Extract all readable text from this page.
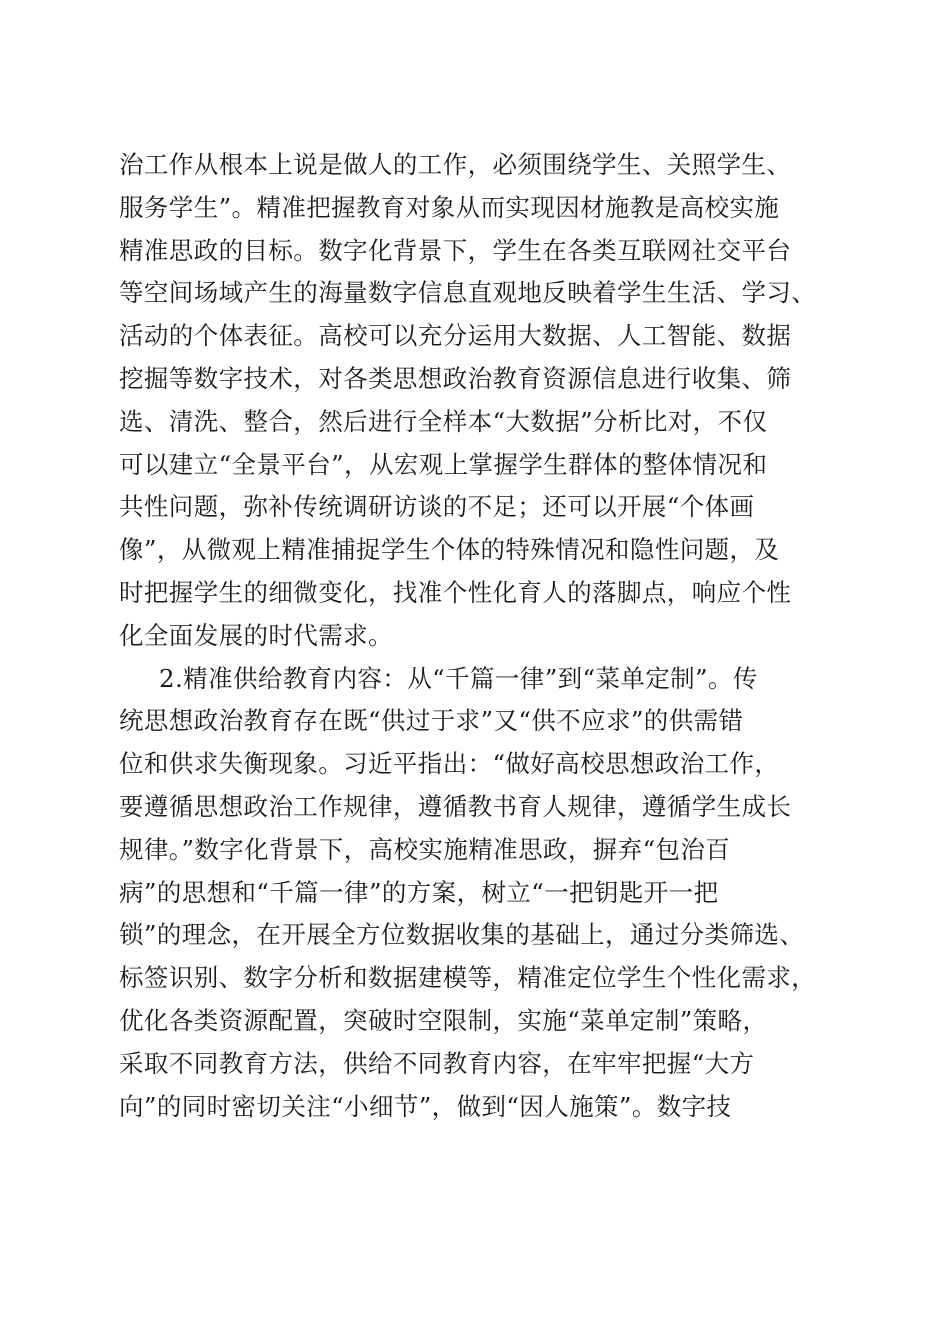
治工作从根本上说是做人的工作，必须围绕学生、关照学生、
服务学生”。精准把握教育对象从而实现因材施教是高校实施
精准思政的目标。数字化背景下，学生在各类互联网社交平台
等空间场域产生的海量数字信息直观地反映着学生生活、学习、
活动的个体表征。高校可以充分运用大数据、人工智能、数据
挖掘等数字技术，对各类思想政治教育资源信息进行收集、筛
选、清洗、整合，然后进行全样本“大数据”分析比对，不仅
可以建立“全景平台”，从宏观上掌握学生群体的整体情况和
共性问题，弥补传统调研访谈的不足；还可以开展“个体画
像”，从微观上精准捕捉学生个体的特殊情况和隐性问题，及
时把握学生的细微变化，找准个性化育人的落脚点，响应个性
化全面发展的时代需求。
2.精准供给教育内容：从“千篇一律”到“菜单定制”。传
统思想政治教育存在既“供过于求”又“供不应求”的供需错
位和供求失衡现象。习近平指出：“做好高校思想政治工作，
要遵循思想政治工作规律，遵循教书育人规律，遵循学生成长
规律。”数字化背景下，高校实施精准思政，摒弃“包治百
病”的思想和“千篇一律”的方案，树立“一把钥匙开一把
锁”的理念，在开展全方位数据收集的基础上，通过分类筛选、
标签识别、数字分析和数据建模等，精准定位学生个性化需求，
优化各类资源配置，突破时空限制，实施“菜单定制”策略，
采取不同教育方法，供给不同教育内容，在牢牢把握“大方
向”的同时密切关注“小细节”，做到“因人施策”。数字技
